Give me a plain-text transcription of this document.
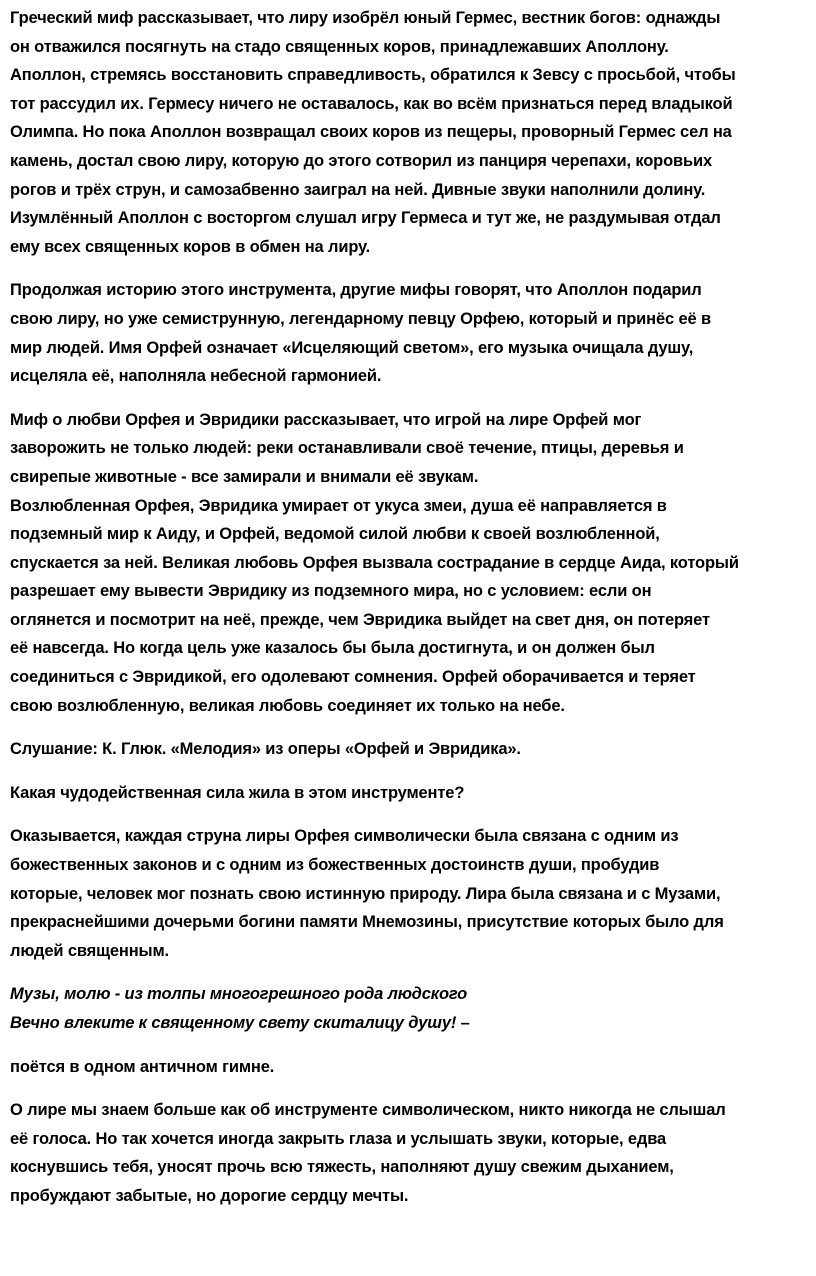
Греческий миф рассказывает, что лиру изобрёл юный Гермес, вестник богов: однажды
он отважился посягнуть на стадо священных коров, принадлежавших Аполлону.
Аполлон, стремясь восстановить справедливость, обратился к Зевсу с просьбой, чтобы
тот рассудил их. Гермесу ничего не оставалось, как во всём признаться перед владыкой
Олимпа. Но пока Аполлон возвращал своих коров из пещеры, проворный Гермес сел на
камень, достал свою лиру, которую до этого сотворил из панциря черепахи, коровьих
рогов и трёх струн, и самозабвенно заиграл на ней. Дивные звуки наполнили долину.
Изумлённый Аполлон с восторгом слушал игру Гермеса и тут же, не раздумывая отдал
ему всех священных коров в обмен на лиру.

Продолжая историю этого инструмента, другие мифы говорят, что Аполлон подарил
свою лиру, но уже семиструнную, легендарному певцу Орфею, который и принёс её в
мир людей. Имя Орфей означает «Исцеляющий светом», его музыка очищала душу,
исцеляла её, наполняла небесной гармонией.

Миф о любви Орфея и Эвридики рассказывает, что игрой на лире Орфей мог
заворожить не только людей: реки останавливали своё течение, птицы, деревья и
свирепые животные - все замирали и внимали её звукам.

Возлюбленная Орфея, Эвридика умирает от укуса змеи, душа её направляется в
подземный мир к Аиду, и Орфей, ведомой силой любви к своей возлюбленной,
спускается за ней. Великая любовь Орфея вызвала сострадание в сердце Аида, который
разрешает ему вывести Эвридику из подземного мира, но с условием: если он
оглянется и посмотрит на неё, прежде, чем Эвридика выйдет на свет дня, он потеряет
её навсегда. Но когда цель уже казалось бы была достигнута, и он должен был
соединиться с Эвридикой, его одолевают сомнения. Орфей оборачивается и теряет
свою возлюбленную, великая любовь соединяет их только на небе.

Слушание: К. Глюк. «Мелодия» из оперы «Орфей и Эвридика».

Какая чудодейственная сила жила в этом инструменте?

Оказывается, каждая струна лиры Орфея символически была связана с одним из
божественных законов и с одним из божественных достоинств души, пробудив
которые, человек мог познать свою истинную природу. Лира была связана и с Музами,
прекраснейшими дочерьми богини памяти Мнемозины, присутствие которых было для
людей священным.

Музы, молю - из толпы многогрешного рода людского
Вечно влеките к священному свету скиталицу душу! –

поётся в одном античном гимне.

О лире мы знаем больше как об инструменте символическом, никто никогда не слышал
её голоса. Но так хочется иногда закрыть глаза и услышать звуки, которые, едва
коснувшись тебя, уносят прочь всю тяжесть, наполняют душу свежим дыханием,
пробуждают забытые, но дорогие сердцу мечты.
